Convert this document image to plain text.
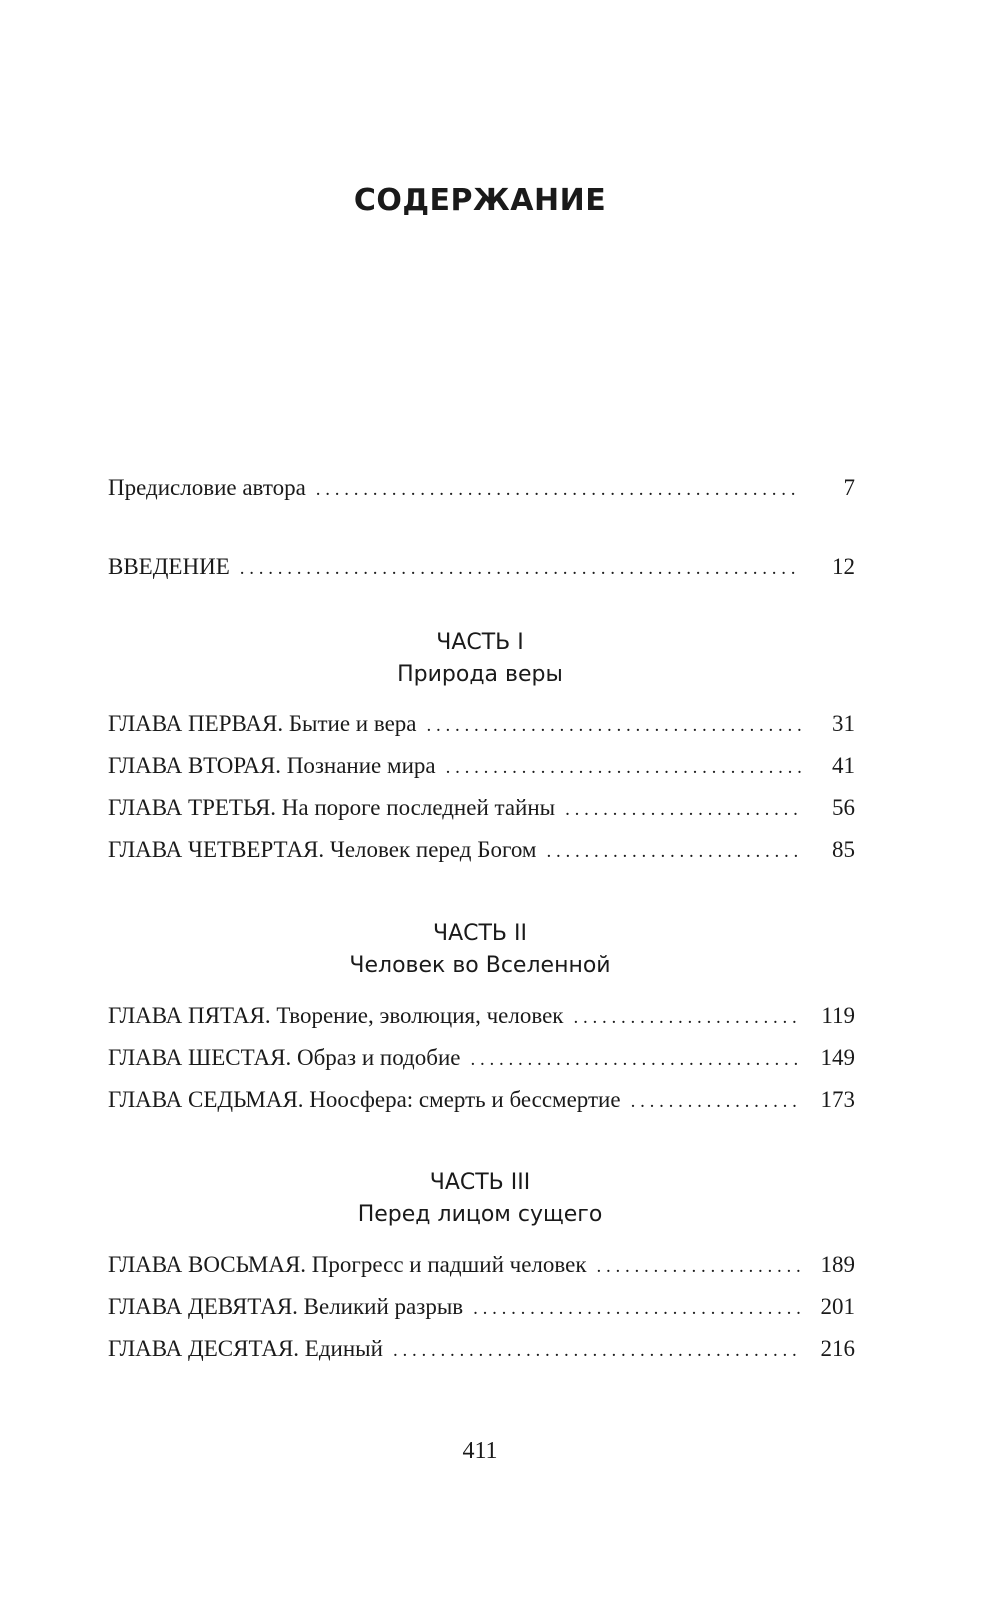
СОДЕРЖАНИЕ
Предисловие автора . . .	7
ВВЕДЕНИЕ . . .	12
ЧАСТЬ I
Природа веры
ГЛАВА ПЕРВАЯ. Бытие и вера . . .	31
ГЛАВА ВТОРАЯ. Познание мира . . .	41
ГЛАВА ТРЕТЬЯ. На пороге последней тайны . . .	56
ГЛАВА ЧЕТВЕРТАЯ. Человек перед Богом . . .	85
ЧАСТЬ II
Человек во Вселенной
ГЛАВА ПЯТАЯ. Творение, эволюция, человек . . .	119
ГЛАВА ШЕСТАЯ. Образ и подобие . . .	149
ГЛАВА СЕДЬМАЯ. Ноосфера: смерть и бессмертие . . .	173
ЧАСТЬ III
Перед лицом сущего
ГЛАВА ВОСЬМАЯ. Прогресс и падший человек . . .	189
ГЛАВА ДЕВЯТАЯ. Великий разрыв . . .	201
ГЛАВА ДЕСЯТАЯ. Единый . . .	216
411
